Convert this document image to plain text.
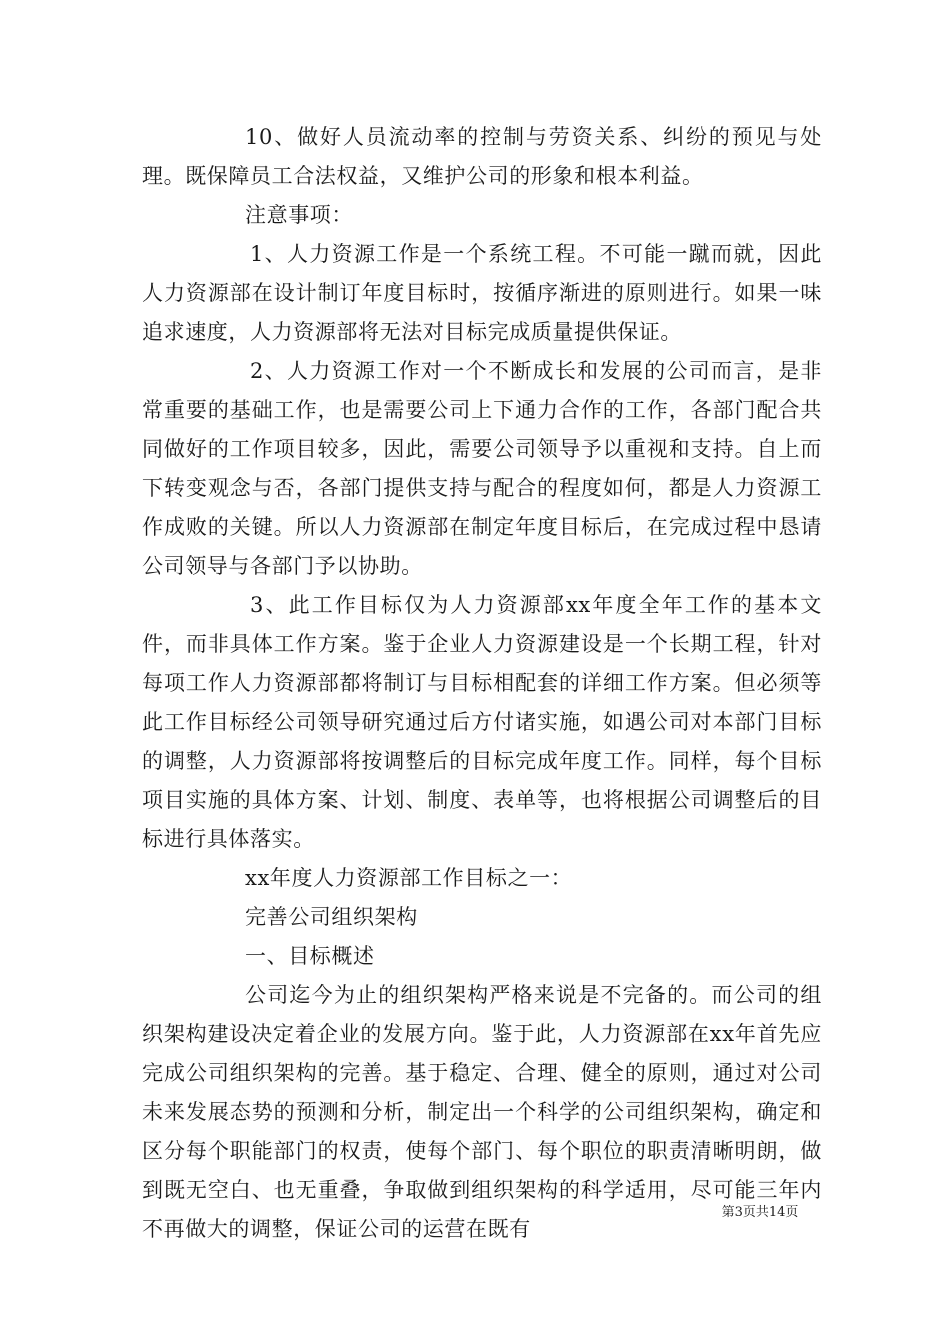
10、做好人员流动率的控制与劳资关系、纠纷的预见与处理。既保障员工合法权益，又维护公司的形象和根本利益。

注意事项：

1、人力资源工作是一个系统工程。不可能一蹴而就，因此人力资源部在设计制订年度目标时，按循序渐进的原则进行。如果一味追求速度，人力资源部将无法对目标完成质量提供保证。

2、人力资源工作对一个不断成长和发展的公司而言，是非常重要的基础工作，也是需要公司上下通力合作的工作，各部门配合共同做好的工作项目较多，因此，需要公司领导予以重视和支持。自上而下转变观念与否，各部门提供支持与配合的程度如何，都是人力资源工作成败的关键。所以人力资源部在制定年度目标后，在完成过程中恳请公司领导与各部门予以协助。

3、此工作目标仅为人力资源部xx年度全年工作的基本文件，而非具体工作方案。鉴于企业人力资源建设是一个长期工程，针对每项工作人力资源部都将制订与目标相配套的详细工作方案。但必须等此工作目标经公司领导研究通过后方付诸实施，如遇公司对本部门目标的调整，人力资源部将按调整后的目标完成年度工作。同样，每个目标项目实施的具体方案、计划、制度、表单等，也将根据公司调整后的目标进行具体落实。

xx年度人力资源部工作目标之一：

完善公司组织架构

一、目标概述

公司迄今为止的组织架构严格来说是不完备的。而公司的组织架构建设决定着企业的发展方向。鉴于此，人力资源部在xx年首先应完成公司组织架构的完善。基于稳定、合理、健全的原则，通过对公司未来发展态势的预测和分析，制定出一个科学的公司组织架构，确定和区分每个职能部门的权责，使每个部门、每个职位的职责清晰明朗，做到既无空白、也无重叠，争取做到组织架构的科学适用，尽可能三年内不再做大的调整，保证公司的运营在既有

第3页共14页
